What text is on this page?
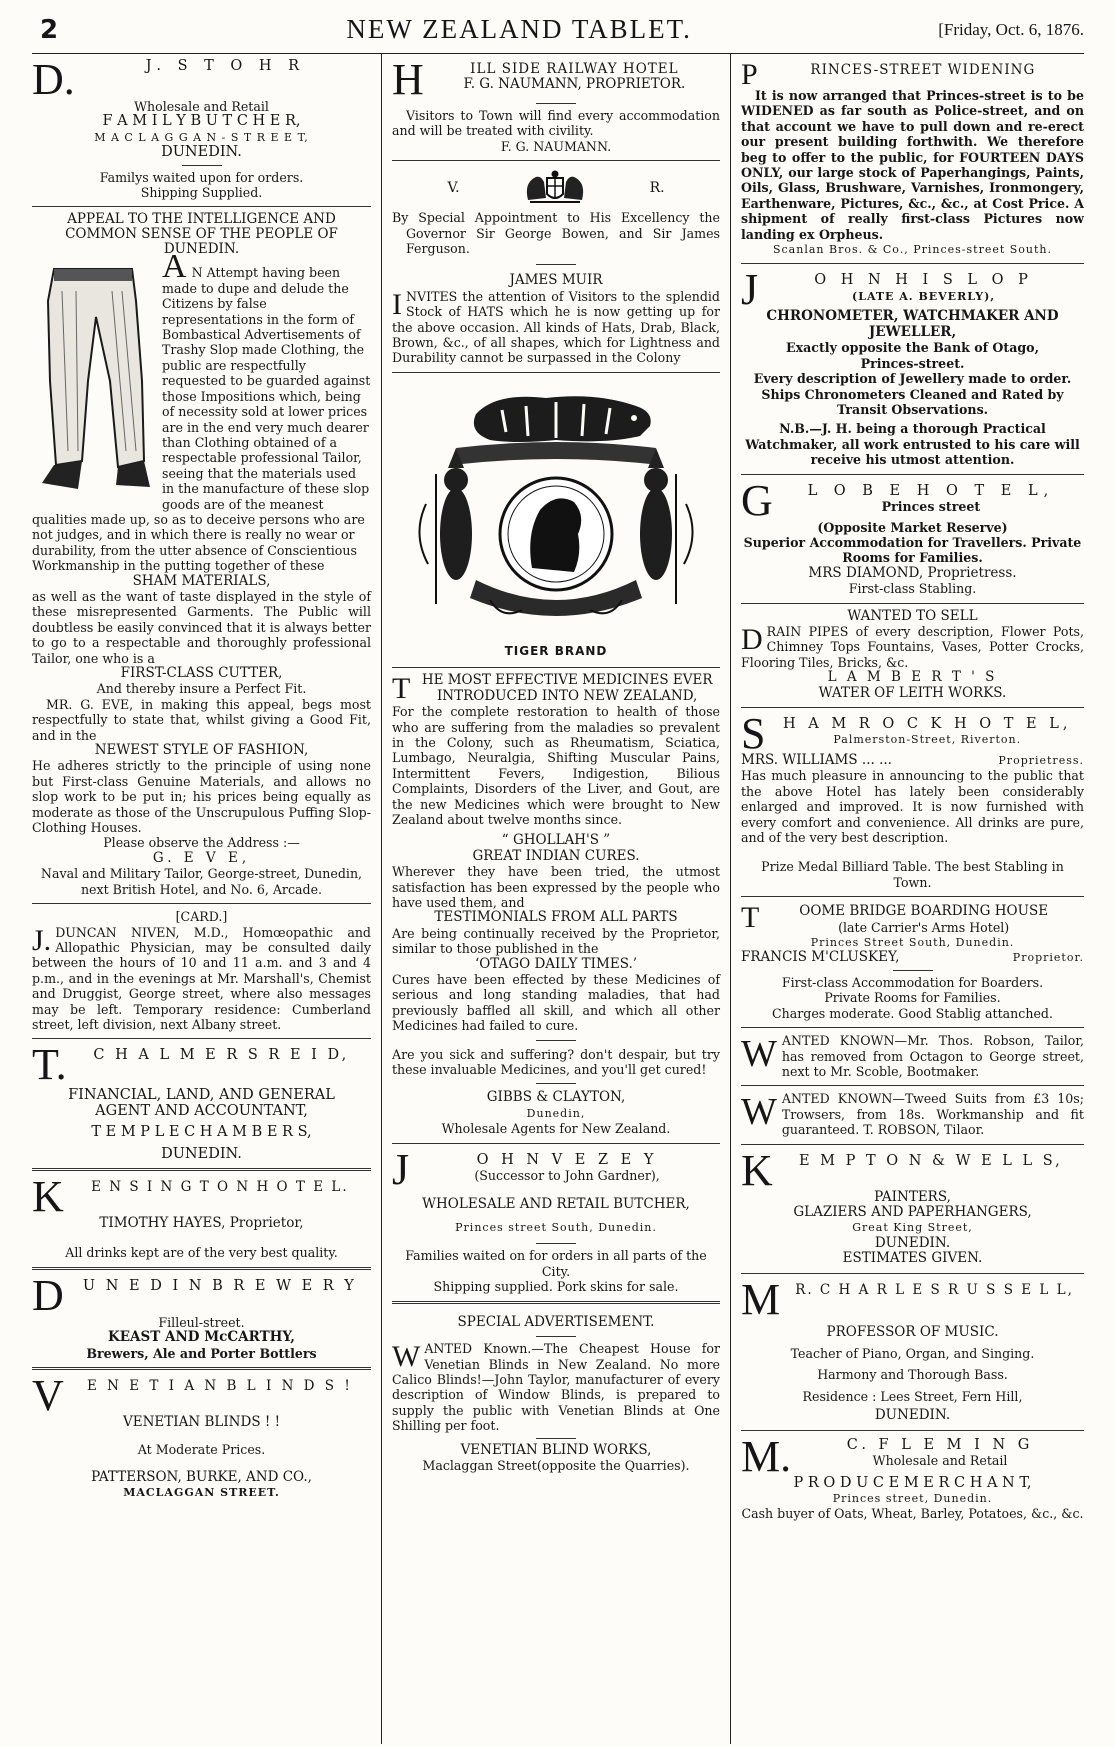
2	NEW ZEALAND TABLET.	[Friday, Oct. 6, 1876.
D.	J. S T O H R
Wholesale and Retail
F A M I L Y B U T C H E R,
M A C L A G G A N - S T R E E T,
DUNEDIN.
Familys waited upon for orders.
Shipping Supplied.
APPEAL TO THE INTELLIGENCE AND COMMON SENSE OF THE PEOPLE OF DUNEDIN.
A N Attempt having been made to dupe and delude the Citizens by false representations in the form of Bombastical Advertisements of Trashy Slop made Clothing, the public are respectfully requested to be guarded against those Impositions which, being of necessity sold at lower prices are in the end very much dearer than Clothing obtained of a respectable professional Tailor, seeing that the materials used in the manufacture of these slop goods are of the meanest qualities made up, so as to deceive persons who are not judges, and in which there is really no wear or durability, from the utter absence of Conscientious Workmanship in the putting together of these
SHAM MATERIALS,
as well as the want of taste displayed in the style of these misrepresented Garments. The Public will doubtless be easily convinced that it is always better to go to a respectable and thoroughly professional Tailor, one who is a
FIRST-CLASS CUTTER,
And thereby insure a Perfect Fit.
MR. G. EVE, in making this appeal, begs most respectfully to state that, whilst giving a Good Fit, and in the
NEWEST STYLE OF FASHION,
He adheres strictly to the principle of using none but First-class Genuine Materials, and allows no slop work to be put in; his prices being equally as moderate as those of the Unscrupulous Puffing Slop-Clothing Houses.
Please observe the Address :—
G. E V E,
Naval and Military Tailor, George-street, Dunedin, next British Hotel, and No. 6, Arcade.
[CARD.]
J. DUNCAN NIVEN, M.D., Homœopathic and Allopathic Physician, may be consulted daily between the hours of 10 and 11 a.m. and 3 and 4 p.m., and in the evenings at Mr. Marshall's, Chemist and Druggist, George street, where also messages may be left. Temporary residence: Cumberland street, left division, next Albany street.
T.	C H A L M E R S R E I D,
FINANCIAL, LAND, AND GENERAL
AGENT AND ACCOUNTANT,
T E M P L E C H A M B E R S,
DUNEDIN.
K	E N S I N G T O N H O T E L.
TIMOTHY HAYES, Proprietor,
All drinks kept are of the very best quality.
D	U N E D I N B R E W E R Y
Filleul-street.
KEAST AND McCARTHY,
Brewers, Ale and Porter Bottlers
V	E N E T I A N B L I N D S !
VENETIAN BLINDS ! !
At Moderate Prices.
PATTERSON, BURKE, AND CO.,
MACLAGGAN STREET.
H	ILL SIDE RAILWAY HOTEL
F. G. NAUMANN, PROPRIETOR.
Visitors to Town will find every accommodation and will be treated with civility.
F. G. NAUMANN.
V.	R.
By Special Appointment to His Excellency the Governor Sir George Bowen, and Sir James Ferguson.
JAMES MUIR
I NVITES the attention of Visitors to the splendid Stock of HATS which he is now getting up for the above occasion. All kinds of Hats, Drab, Black, Brown, &c., of all shapes, which for Lightness and Durability cannot be surpassed in the Colony
TIGER BRAND
T HE MOST EFFECTIVE MEDICINES EVER INTRODUCED INTO NEW ZEALAND,
For the complete restoration to health of those who are suffering from the maladies so prevalent in the Colony, such as Rheumatism, Sciatica, Lumbago, Neuralgia, Shifting Muscular Pains, Intermittent Fevers, Indigestion, Bilious Complaints, Disorders of the Liver, and Gout, are the new Medicines which were brought to New Zealand about twelve months since.
“ GHOLLAH'S ”
GREAT INDIAN CURES.
Wherever they have been tried, the utmost satisfaction has been expressed by the people who have used them, and
TESTIMONIALS FROM ALL PARTS
Are being continually received by the Proprietor, similar to those published in the
‘OTAGO DAILY TIMES.’
Cures have been effected by these Medicines of serious and long standing maladies, that had previously baffled all skill, and which all other Medicines had failed to cure.
Are you sick and suffering? don't despair, but try these invaluable Medicines, and you'll get cured!
GIBBS & CLAYTON,
Dunedin,
Wholesale Agents for New Zealand.
J	O H N V E Z E Y
(Successor to John Gardner),
WHOLESALE AND RETAIL BUTCHER,
Princes street South, Dunedin.
Families waited on for orders in all parts of the City.
Shipping supplied. Pork skins for sale.
SPECIAL ADVERTISEMENT.
W ANTED Known.—The Cheapest House for Venetian Blinds in New Zealand. No more Calico Blinds!—John Taylor, manufacturer of every description of Window Blinds, is prepared to supply the public with Venetian Blinds at One Shilling per foot.
VENETIAN BLIND WORKS,
Maclaggan Street(opposite the Quarries).
P	RINCES-STREET WIDENING
It is now arranged that Princes-street is to be WIDENED as far south as Police-street, and on that account we have to pull down and re-erect our present building forthwith. We therefore beg to offer to the public, for FOURTEEN DAYS ONLY, our large stock of Paperhangings, Paints, Oils, Glass, Brushware, Varnishes, Ironmongery, Earthenware, Pictures, &c., &c., at Cost Price. A shipment of really first-class Pictures now landing ex Orpheus.
Scanlan Bros. & Co., Princes-street South.
J	O H N H I S L O P
(LATE A. BEVERLY),
CHRONOMETER, WATCHMAKER AND JEWELLER,
Exactly opposite the Bank of Otago,
Princes-street.
Every description of Jewellery made to order.
Ships Chronometers Cleaned and Rated by Transit Observations.
N.B.—J. H. being a thorough Practical Watchmaker, all work entrusted to his care will receive his utmost attention.
G	L O B E H O T E L,
Princes street
(Opposite Market Reserve)
Superior Accommodation for Travellers. Private Rooms for Families.
MRS DIAMOND, Proprietress.
First-class Stabling.
WANTED TO SELL
D RAIN PIPES of every description, Flower Pots, Chimney Tops Fountains, Vases, Potter Crocks, Flooring Tiles, Bricks, &c.
L A M B E R T ' S
WATER OF LEITH WORKS.
S	H A M R O C K H O T E L,
Palmerston-Street, Riverton.
MRS. WILLIAMS ... ...	Proprietress.
Has much pleasure in announcing to the public that the above Hotel has lately been considerably enlarged and improved. It is now furnished with every comfort and convenience. All drinks are pure, and of the very best description.
Prize Medal Billiard Table. The best Stabling in Town.
T	OOME BRIDGE BOARDING HOUSE
(late Carrier's Arms Hotel)
Princes Street South, Dunedin.
FRANCIS M'CLUSKEY,	Proprietor.
First-class Accommodation for Boarders.
Private Rooms for Families.
Charges moderate. Good Stablig attanched.
W ANTED KNOWN—Mr. Thos. Robson, Tailor, has removed from Octagon to George street, next to Mr. Scoble, Bootmaker.
W ANTED KNOWN—Tweed Suits from £3 10s; Trowsers, from 18s. Workmanship and fit guaranteed. T. ROBSON, Tilaor.
K	E M P T O N & W E L L S,
PAINTERS,
GLAZIERS AND PAPERHANGERS,
Great King Street,
DUNEDIN.
ESTIMATES GIVEN.
M	R. C H A R L E S R U S S E L L,
PROFESSOR OF MUSIC.
Teacher of Piano, Organ, and Singing.
Harmony and Thorough Bass.
Residence : Lees Street, Fern Hill,
DUNEDIN.
M.	C. F L E M I N G
Wholesale and Retail
P R O D U C E M E R C H A N T,
Princes street, Dunedin.
Cash buyer of Oats, Wheat, Barley, Potatoes, &c., &c.
